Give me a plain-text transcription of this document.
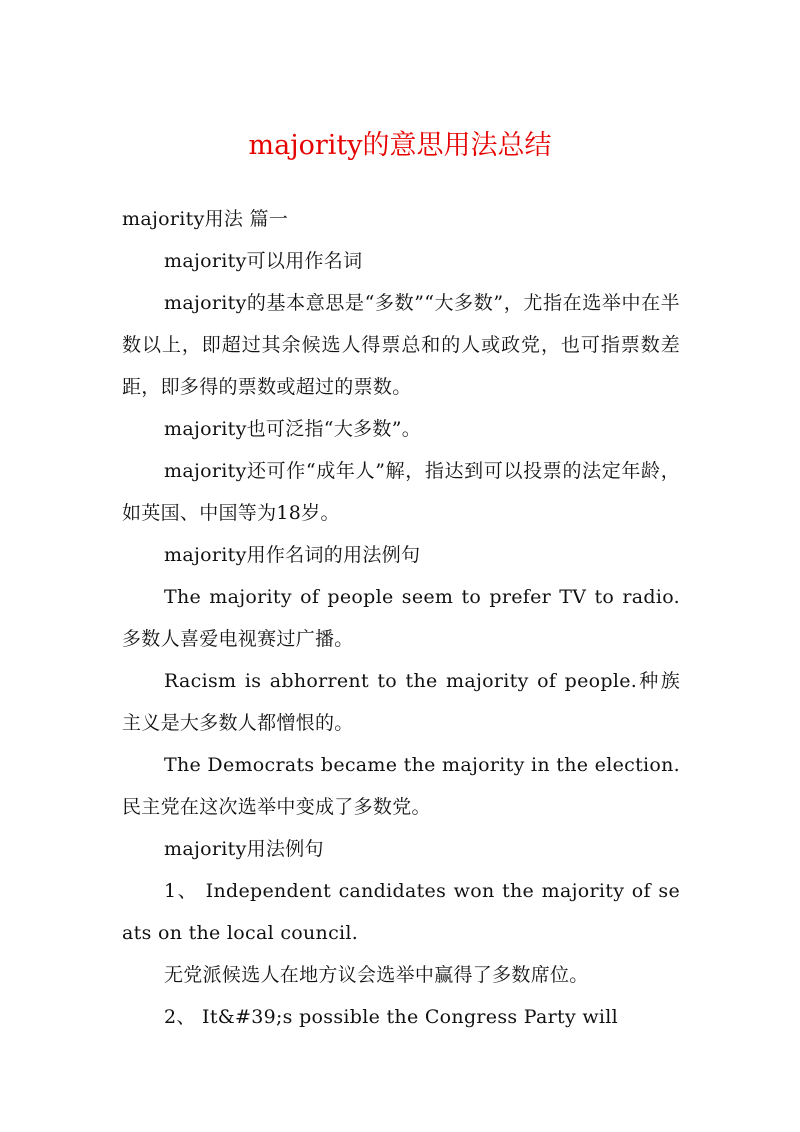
majority的意思用法总结

majority用法 篇一

majority可以用作名词

majority的基本意思是“多数”“大多数”，尤指在选举中在半数以上，即超过其余候选人得票总和的人或政党，也可指票数差距，即多得的票数或超过的票数。

majority也可泛指“大多数”。

majority还可作“成年人”解，指达到可以投票的法定年龄，如英国、中国等为18岁。

majority用作名词的用法例句

The majority of people seem to prefer TV to radio.多数人喜爱电视赛过广播。

Racism is abhorrent to the majority of people.种族主义是大多数人都憎恨的。

The Democrats became the majority in the election.民主党在这次选举中变成了多数党。

majority用法例句

1、 Independent candidates won the majority of seats on the local council.

无党派候选人在地方议会选举中赢得了多数席位。

2、 It&#39;s possible the Congress Party will
